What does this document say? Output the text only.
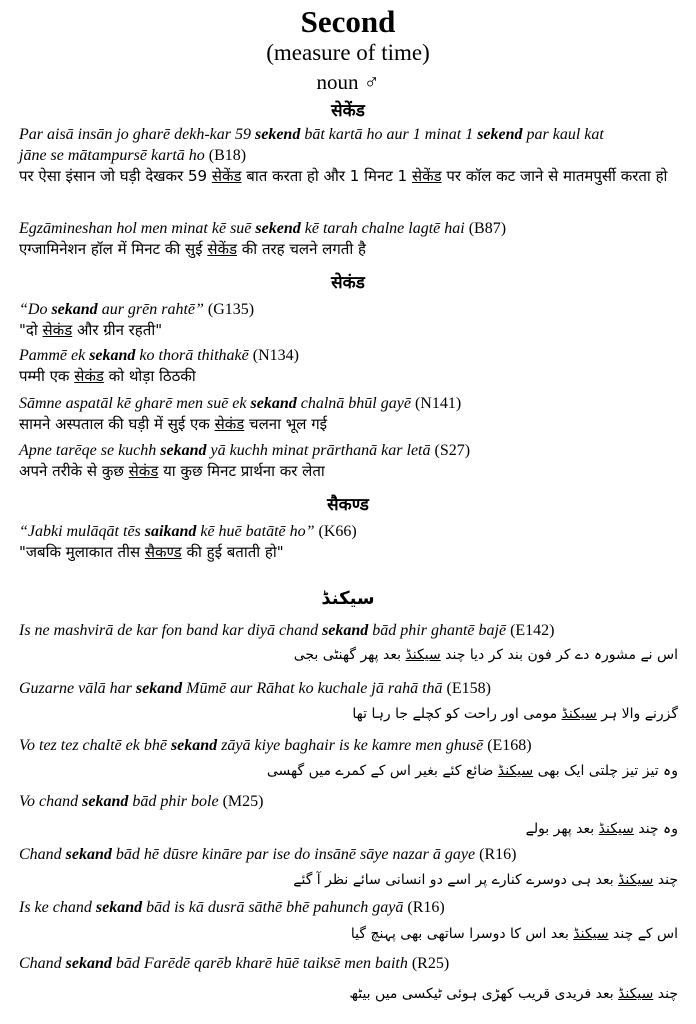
Second
(measure of time)
noun ♂
सेकेंड
Par aisā insān jo gharē dekh-kar 59 sekend bāt kartā ho aur 1 minat 1 sekend par kaul kat
jāne se mātampursē kartā ho (B18)
पर ऐसा इंसान जो घड़ी देखकर 59 सेकेंड बात करता हो और 1 मिनट 1 सेकेंड पर कॉल कट जाने से मातमपुर्सी करता हो
Egzāmineshan hol men minat kē suē sekend kē tarah chalne lagtē hai (B87)
एग्जामिनेशन हॉल में मिनट की सुई सेकेंड की तरह चलने लगती है
सेकंड
“Do sekand aur grēn rahtē” (G135)
"दो सेकंड और ग्रीन रहती"
Pammē ek sekand ko thorā thithakē (N134)
पम्मी एक सेकंड को थोड़ा ठिठकी
Sāmne aspatāl kē gharē men suē ek sekand chalnā bhūl gayē (N141)
सामने अस्पताल की घड़ी में सुई एक सेकंड चलना भूल गई
Apne tarēqe se kuchh sekand yā kuchh minat prārthanā kar letā (S27)
अपने तरीके से कुछ सेकंड या कुछ मिनट प्रार्थना कर लेता
सैकण्ड
“Jabki mulāqāt tēs saikand kē huē batātē ho” (K66)
"जबकि मुलाकात तीस सैकण्ड की हुई बताती हो"
سیکنڈ
Is ne mashvirā de kar fon band kar diyā chand sekand bād phir ghantē bajē (E142)
اس نے مشورہ دے کر فون بند کر دیا چند سیکنڈ بعد پھر گھنٹی بجی
Guzarne vālā har sekand Mūmē aur Rāhat ko kuchale jā rahā thā (E158)
گزرنے والا ہر سیکنڈ مومی اور راحت کو کچلے جا رہا تھا
Vo tez tez chaltē ek bhē sekand zāyā kiye baghair is ke kamre men ghusē (E168)
وہ تیز تیز چلتی ایک بھی سیکنڈ ضائع کئے بغیر اس کے کمرے میں گھسی
Vo chand sekand bād phir bole (M25)
وہ چند سیکنڈ بعد پھر بولے
Chand sekand bād hē dūsre kināre par ise do insānē sāye nazar ā gaye (R16)
چند سیکنڈ بعد ہی دوسرے کنارے پر اسے دو انسانی سائے نظر آ گئے
Is ke chand sekand bād is kā dusrā sāthē bhē pahunch gayā (R16)
اس کے چند سیکنڈ بعد اس کا دوسرا ساتھی بھی پہنچ گیا
Chand sekand bād Farēdē qarēb kharē hūē taiksē men baith (R25)
چند سیکنڈ بعد فریدی قریب کھڑی ہوئی ٹیکسی میں بیٹھ
